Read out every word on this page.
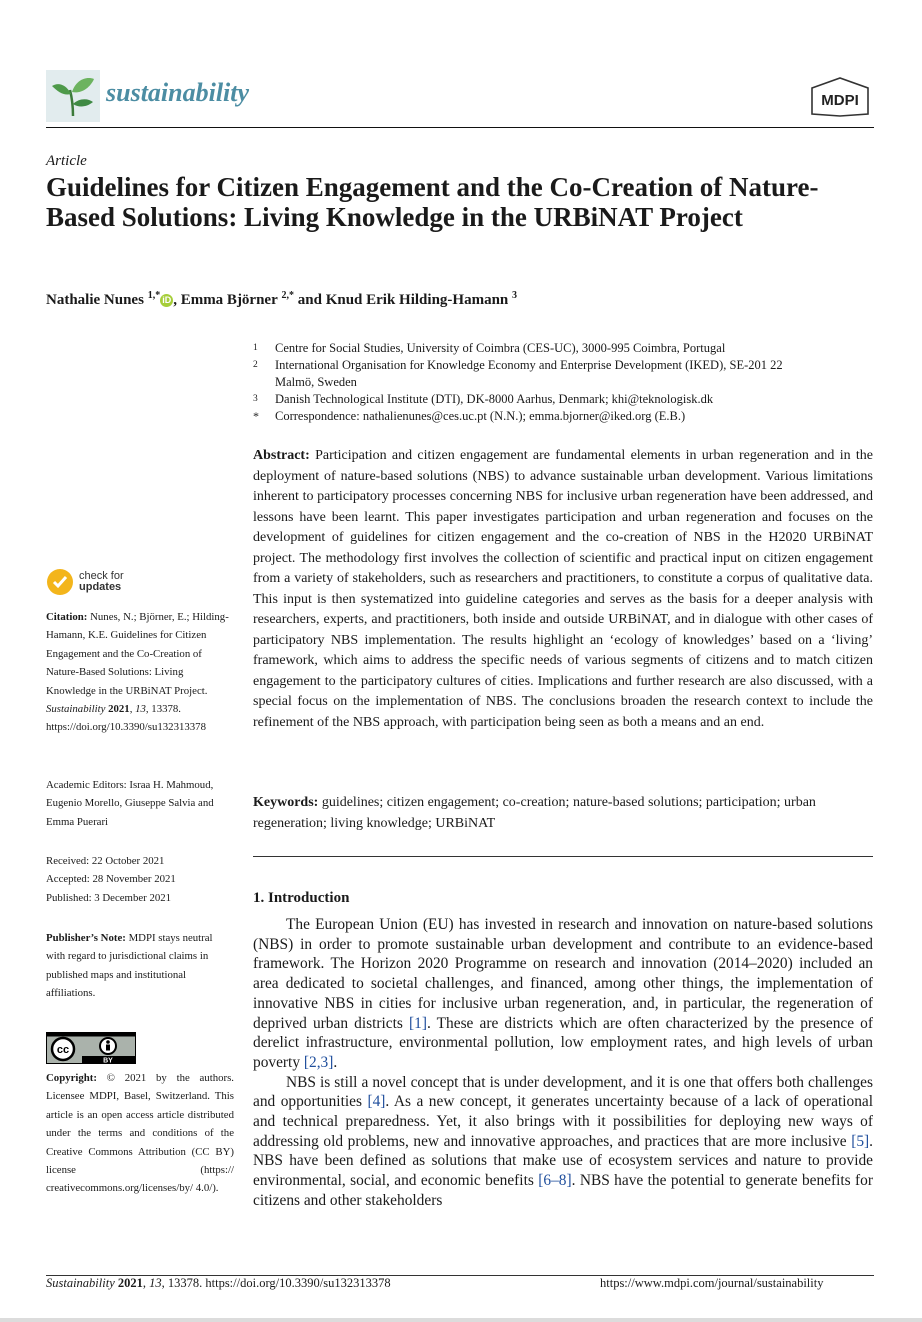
sustainability	MDPI
Article
Guidelines for Citizen Engagement and the Co-Creation of Nature-Based Solutions: Living Knowledge in the URBiNAT Project
Nathalie Nunes $^{1,*}$ iD , Emma Björner $^{2,*}$ and Knud Erik Hilding-Hamann $^3$
1	Centre for Social Studies, University of Coimbra (CES-UC), 3000-995 Coimbra, Portugal
2	International Organisation for Knowledge Economy and Enterprise Development (IKED), SE-201 22 Malmö, Sweden
3	Danish Technological Institute (DTI), DK-8000 Aarhus, Denmark; khi@teknologisk.dk
*	Correspondence: nathalienunes@ces.uc.pt (N.N.); emma.bjorner@iked.org (E.B.)
Abstract: Participation and citizen engagement are fundamental elements in urban regeneration and in the deployment of nature-based solutions (NBS) to advance sustainable urban development. Various limitations inherent to participatory processes concerning NBS for inclusive urban regeneration have been addressed, and lessons have been learnt. This paper investigates participation and urban regeneration and focuses on the development of guidelines for citizen engagement and the co-creation of NBS in the H2020 URBiNAT project. The methodology first involves the collection of scientific and practical input on citizen engagement from a variety of stakeholders, such as researchers and practitioners, to constitute a corpus of qualitative data. This input is then systematized into guideline categories and serves as the basis for a deeper analysis with researchers, experts, and practitioners, both inside and outside URBiNAT, and in dialogue with other cases of participatory NBS implementation. The results highlight an ‘ecology of knowledges’ based on a ‘living’ framework, which aims to address the specific needs of various segments of citizens and to match citizen engagement to the participatory cultures of cities. Implications and further research are also discussed, with a special focus on the implementation of NBS. The conclusions broaden the research context to include the refinement of the NBS approach, with participation being seen as both a means and an end.
Keywords: guidelines; citizen engagement; co-creation; nature-based solutions; participation; urban regeneration; living knowledge; URBiNAT
1. Introduction

The European Union (EU) has invested in research and innovation on nature-based solutions (NBS) in order to promote sustainable urban development and contribute to an evidence-based framework. The Horizon 2020 Programme on research and innovation (2014–2020) included an area dedicated to societal challenges, and financed, among other things, the implementation of innovative NBS in cities for inclusive urban regeneration, and, in particular, the regeneration of deprived urban districts [1]. These are districts which are often characterized by the presence of derelict infrastructure, environmental pollution, low employment rates, and high levels of urban poverty [2,3].

NBS is still a novel concept that is under development, and it is one that offers both challenges and opportunities [4]. As a new concept, it generates uncertainty because of a lack of operational and technical preparedness. Yet, it also brings with it possibilities for deploying new ways of addressing old problems, new and innovative approaches, and practices that are more inclusive [5]. NBS have been defined as solutions that make use of ecosystem services and nature to provide environmental, social, and economic benefits [6–8]. NBS have the potential to generate benefits for citizens and other stakeholders

check for
updates
Citation: Nunes, N.; Björner, E.; Hilding-Hamann, K.E. Guidelines for Citizen Engagement and the Co-Creation of Nature-Based Solutions: Living Knowledge in the URBiNAT Project. Sustainability 2021, 13, 13378. https://doi.org/10.3390/su132313378
Academic Editors: Israa H. Mahmoud, Eugenio Morello, Giuseppe Salvia and Emma Puerari
Received: 22 October 2021
Accepted: 28 November 2021
Published: 3 December 2021
Publisher’s Note: MDPI stays neutral with regard to jurisdictional claims in published maps and institutional affiliations.
cc
BY
Copyright: © 2021 by the authors. Licensee MDPI, Basel, Switzerland. This article is an open access article distributed under the terms and conditions of the Creative Commons Attribution (CC BY) license (https:// creativecommons.org/licenses/by/ 4.0/).
Sustainability 2021, 13, 13378. https://doi.org/10.3390/su132313378	https://www.mdpi.com/journal/sustainability
